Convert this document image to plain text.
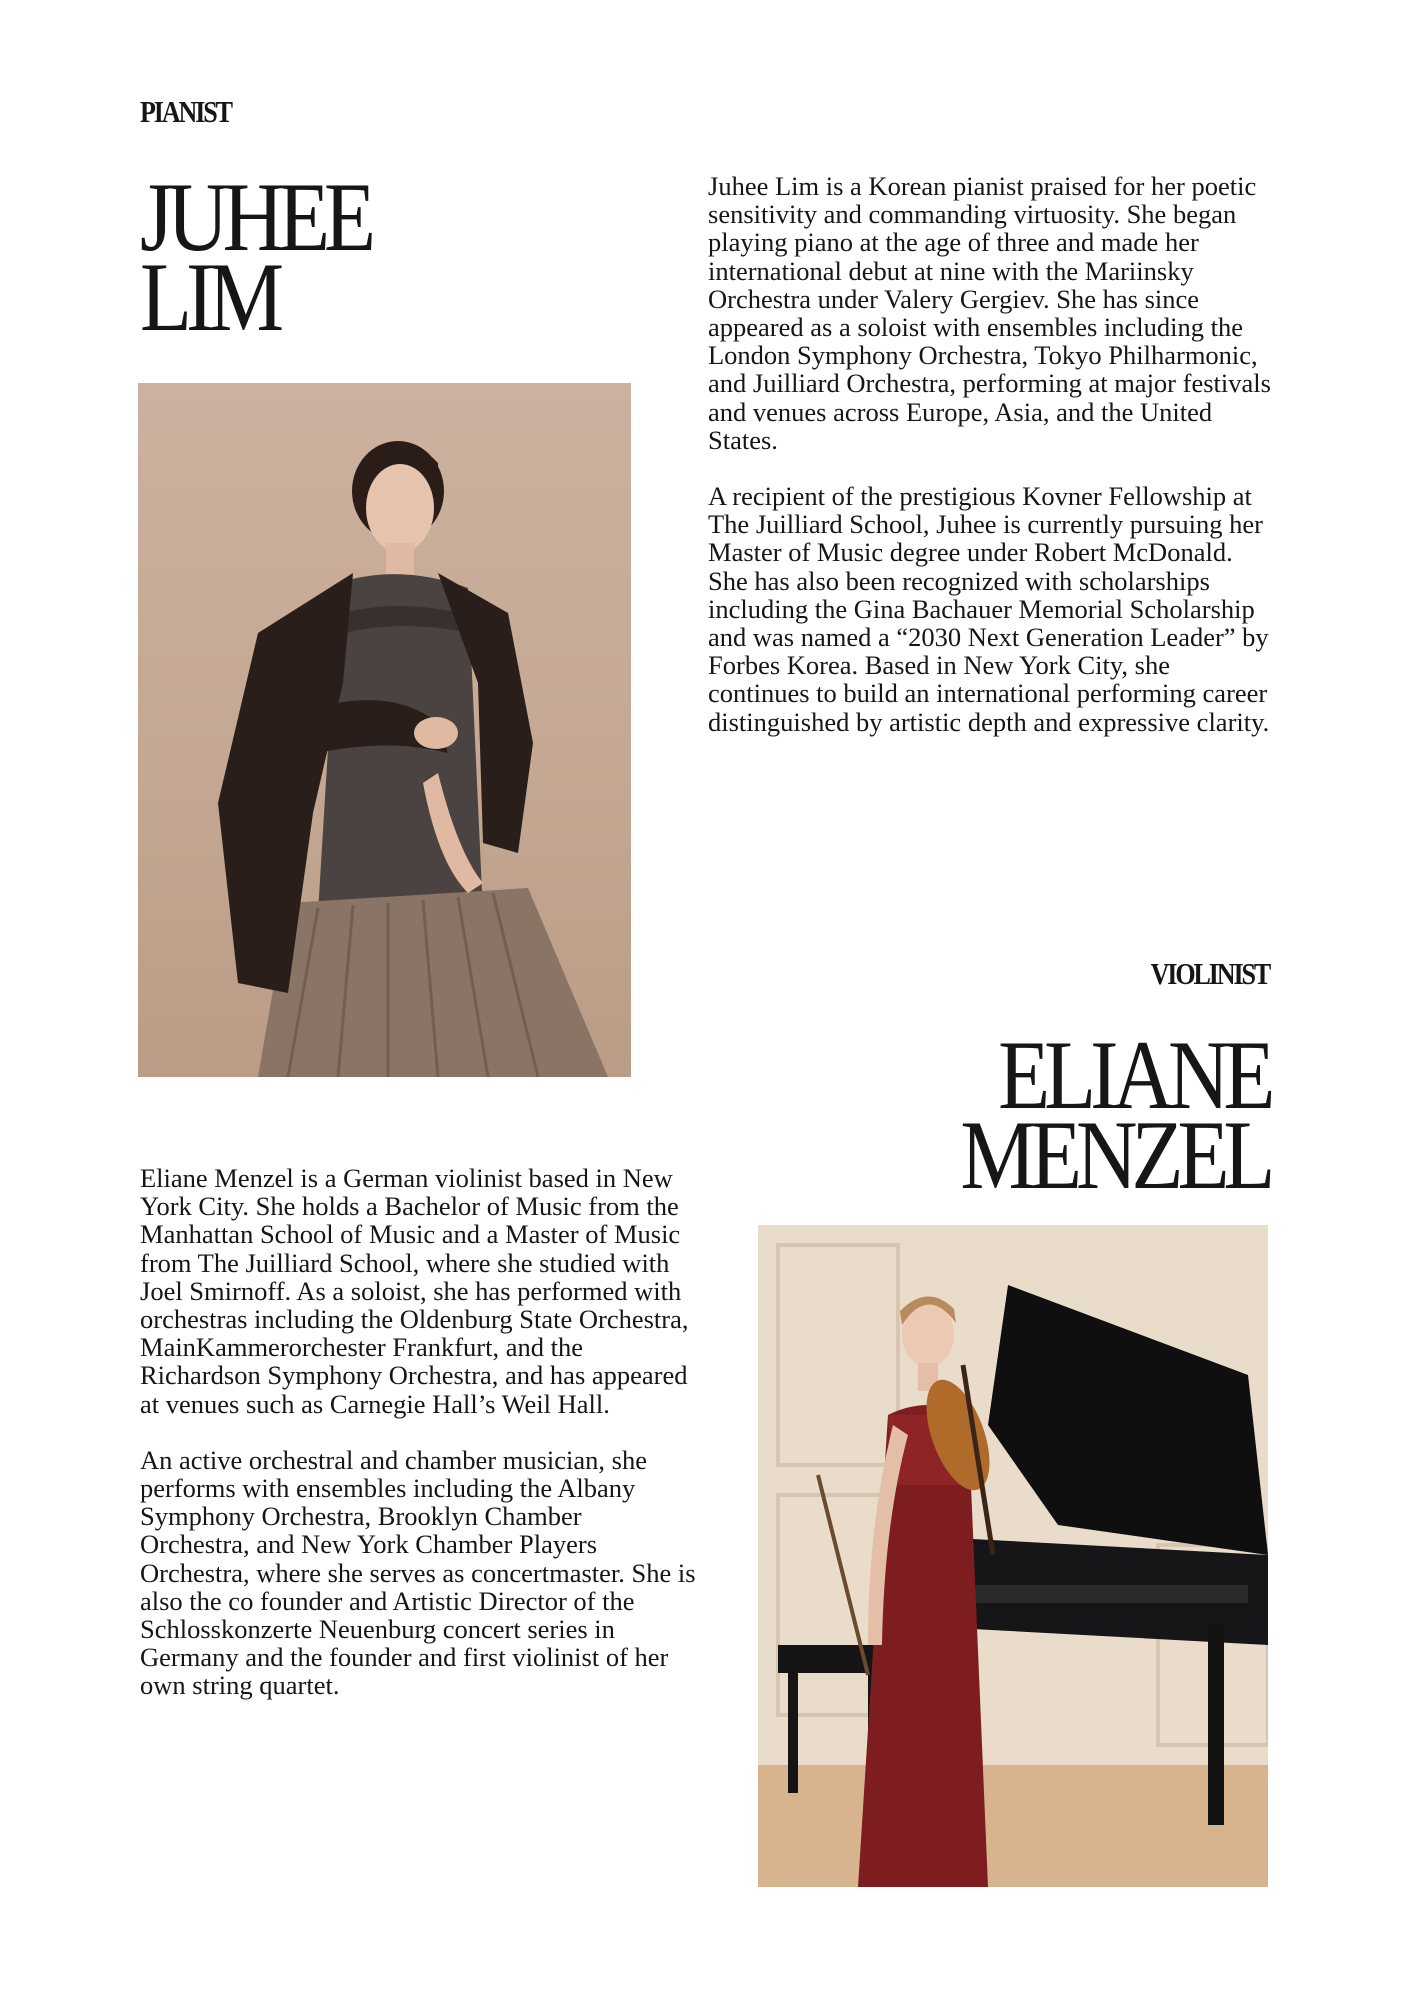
PIANIST
JUHEE
LIM

Juhee Lim is a Korean pianist praised for her poetic sensitivity and commanding virtuosity. She began playing piano at the age of three and made her international debut at nine with the Mariinsky Orchestra under Valery Gergiev. She has since appeared as a soloist with ensembles including the London Symphony Orchestra, Tokyo Philharmonic, and Juilliard Orchestra, performing at major festivals and venues across Europe, Asia, and the United States.

A recipient of the prestigious Kovner Fellowship at The Juilliard School, Juhee is currently pursuing her Master of Music degree under Robert McDonald. She has also been recognized with scholarships including the Gina Bachauer Memorial Scholarship and was named a “2030 Next Generation Leader” by Forbes Korea. Based in New York City, she continues to build an international performing career distinguished by artistic depth and expressive clarity.

VIOLINIST
ELIANE
MENZEL

Eliane Menzel is a German violinist based in New York City. She holds a Bachelor of Music from the Manhattan School of Music and a Master of Music from The Juilliard School, where she studied with Joel Smirnoff. As a soloist, she has performed with orchestras including the Oldenburg State Orchestra, MainKammerorchester Frankfurt, and the Richardson Symphony Orchestra, and has appeared at venues such as Carnegie Hall’s Weil Hall.

An active orchestral and chamber musician, she performs with ensembles including the Albany Symphony Orchestra, Brooklyn Chamber Orchestra, and New York Chamber Players Orchestra, where she serves as concertmaster. She is also the co founder and Artistic Director of the Schlosskonzerte Neuenburg concert series in Germany and the founder and first violinist of her own string quartet.
